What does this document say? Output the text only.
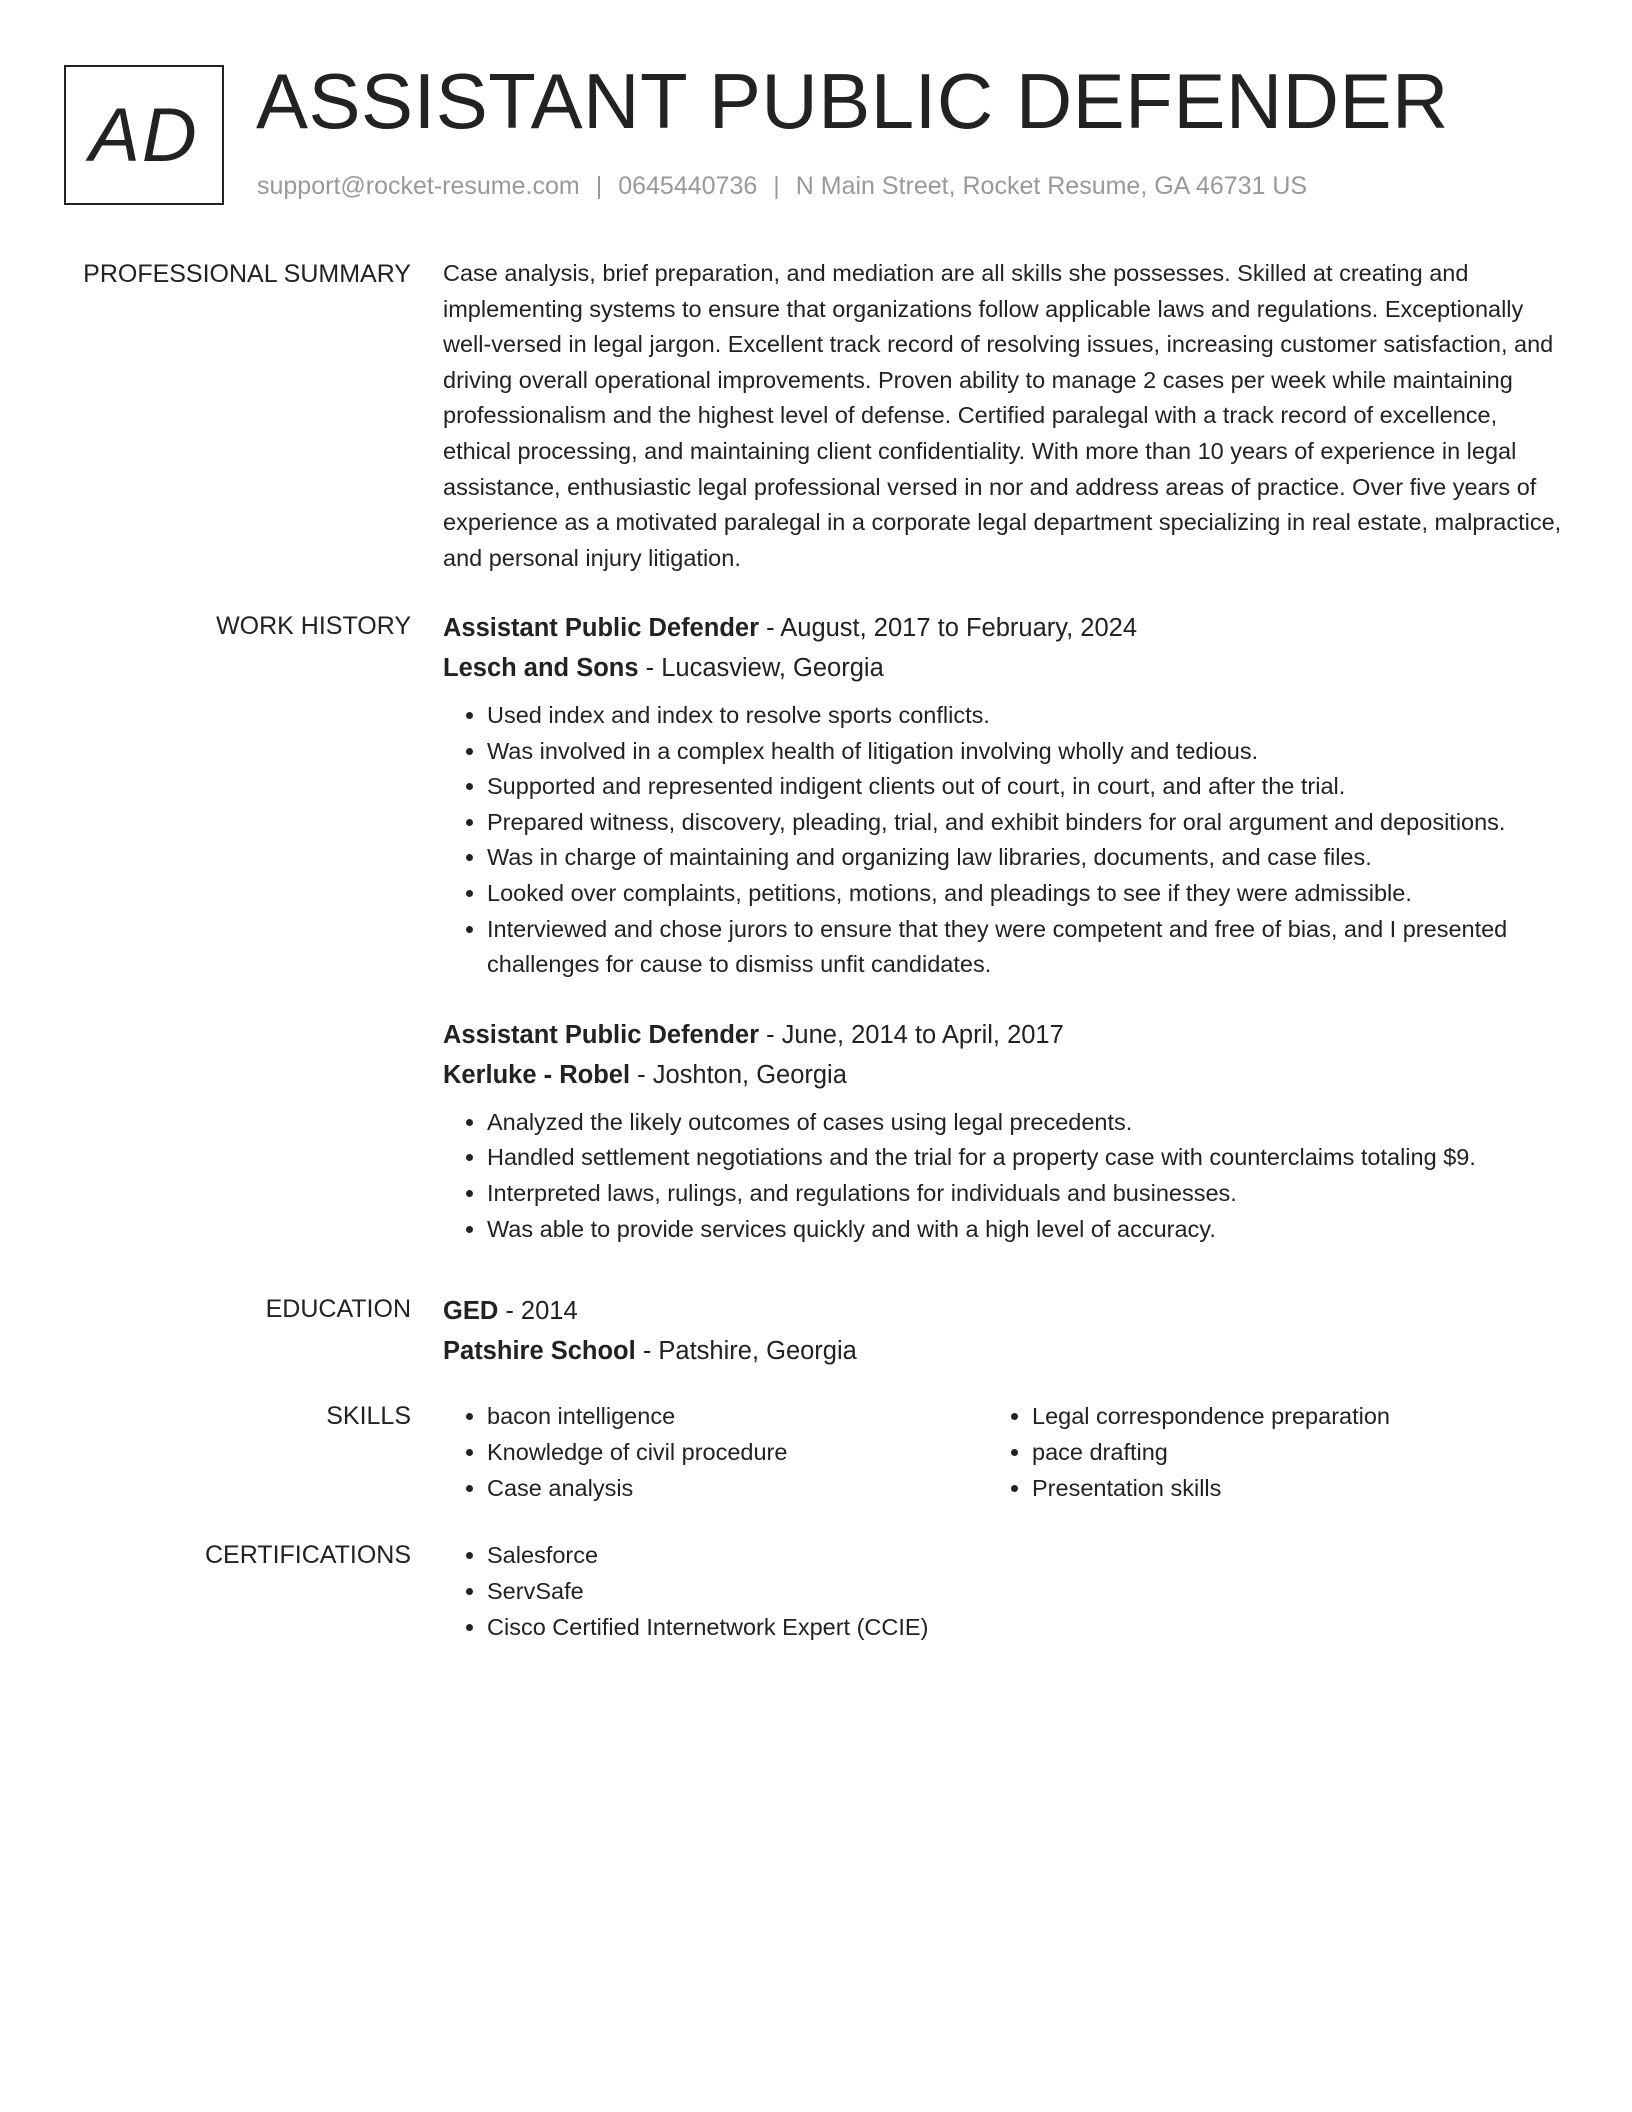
AD ASSISTANT PUBLIC DEFENDER
support@rocket-resume.com | 0645440736 | N Main Street, Rocket Resume, GA 46731 US
PROFESSIONAL SUMMARY Case analysis, brief preparation, and mediation are all skills she possesses. Skilled at creating and implementing systems to ensure that organizations follow applicable laws and regulations. Exceptionally well-versed in legal jargon. Excellent track record of resolving issues, increasing customer satisfaction, and driving overall operational improvements. Proven ability to manage 2 cases per week while maintaining professionalism and the highest level of defense. Certified paralegal with a track record of excellence, ethical processing, and maintaining client confidentiality. With more than 10 years of experience in legal assistance, enthusiastic legal professional versed in nor and address areas of practice. Over five years of experience as a motivated paralegal in a corporate legal department specializing in real estate, malpractice, and personal injury litigation.

WORK HISTORY Assistant Public Defender - August, 2017 to February, 2024
Lesch and Sons - Lucasview, Georgia
• Used index and index to resolve sports conflicts.
• Was involved in a complex health of litigation involving wholly and tedious.
• Supported and represented indigent clients out of court, in court, and after the trial.
• Prepared witness, discovery, pleading, trial, and exhibit binders for oral argument and depositions.
• Was in charge of maintaining and organizing law libraries, documents, and case files.
• Looked over complaints, petitions, motions, and pleadings to see if they were admissible.
• Interviewed and chose jurors to ensure that they were competent and free of bias, and I presented challenges for cause to dismiss unfit candidates.
Assistant Public Defender - June, 2014 to April, 2017
Kerluke - Robel - Joshton, Georgia
• Analyzed the likely outcomes of cases using legal precedents.
• Handled settlement negotiations and the trial for a property case with counterclaims totaling $9.
• Interpreted laws, rulings, and regulations for individuals and businesses.
• Was able to provide services quickly and with a high level of accuracy.
EDUCATION GED - 2014
Patshire School - Patshire, Georgia
SKILLS	• bacon intelligence
• Knowledge of civil procedure
• Case analysis
• Legal correspondence preparation
• pace drafting
• Presentation skills
CERTIFICATIONS	• Salesforce
• ServSafe
• Cisco Certified Internetwork Expert (CCIE)
